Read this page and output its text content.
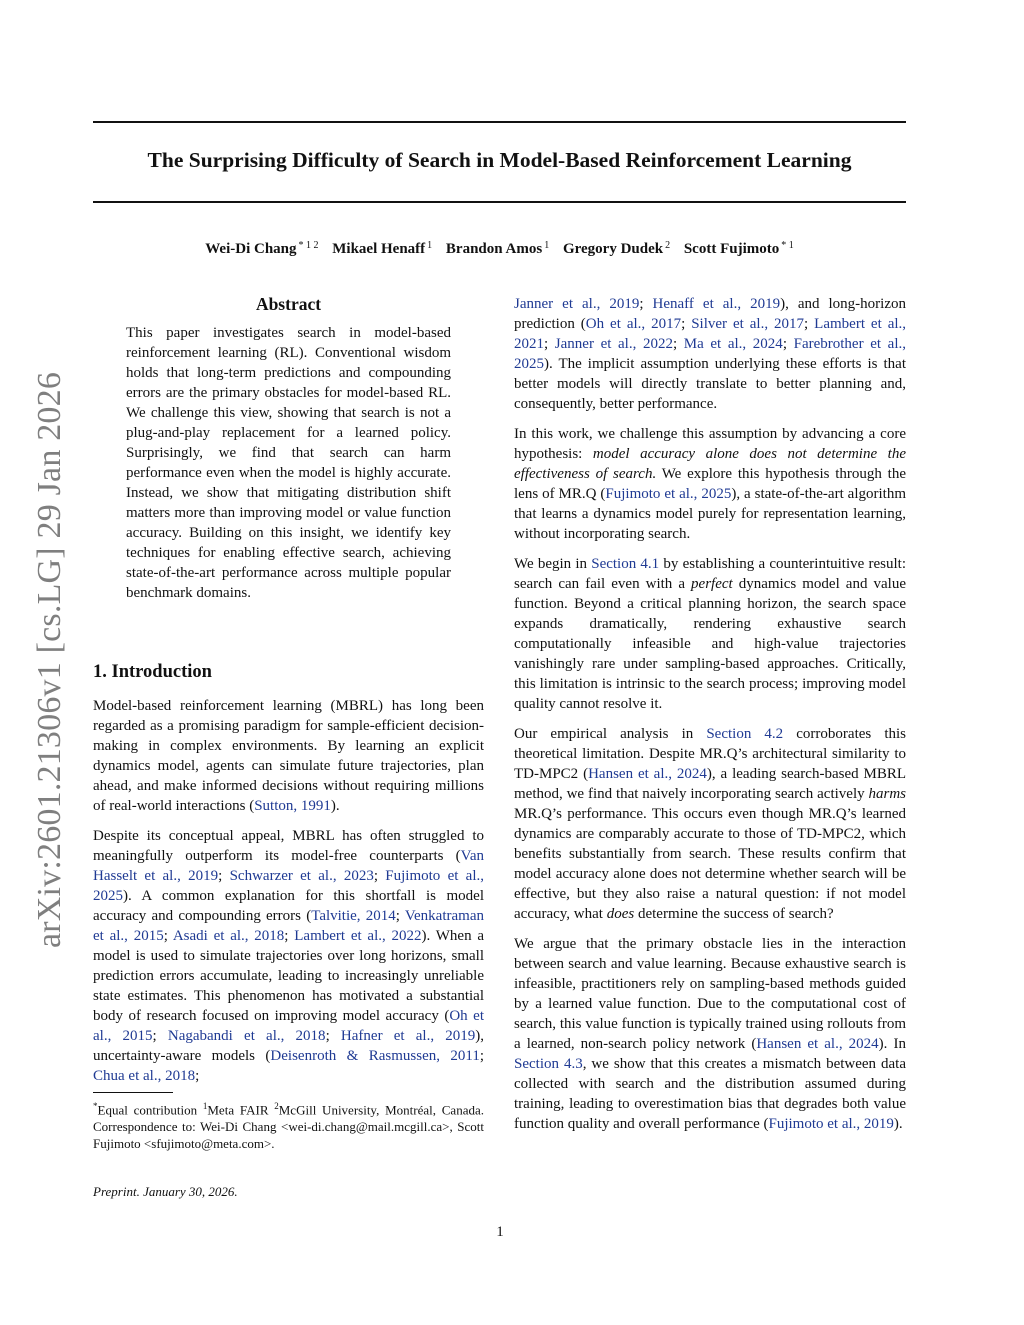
The Surprising Difficulty of Search in Model-Based Reinforcement Learning
Wei-Di Chang $^{* 1 2}$ Mikael Henaff $^1$ Brandon Amos $^1$ Gregory Dudek $^2$ Scott Fujimoto $^{* 1}$
arXiv:2601.21306v1 [cs.LG] 29 Jan 2026
Abstract

This paper investigates search in model-based reinforcement learning (RL). Conventional wisdom holds that long-term predictions and compounding errors are the primary obstacles for model-based RL. We challenge this view, showing that search is not a plug-and-play replacement for a learned policy. Surprisingly, we find that search can harm performance even when the model is highly accurate. Instead, we show that mitigating distribution shift matters more than improving model or value function accuracy. Building on this insight, we identify key techniques for enabling effective search, achieving state-of-the-art performance across multiple popular benchmark domains.

1. Introduction

Model-based reinforcement learning (MBRL) has long been regarded as a promising paradigm for sample-efficient decision-making in complex environments. By learning an explicit dynamics model, agents can simulate future trajectories, plan ahead, and make informed decisions without requiring millions of real-world interactions (Sutton, 1991).

Despite its conceptual appeal, MBRL has often struggled to meaningfully outperform its model-free counterparts (Van Hasselt et al., 2019; Schwarzer et al., 2023; Fujimoto et al., 2025). A common explanation for this shortfall is model accuracy and compounding errors (Talvitie, 2014; Venkatraman et al., 2015; Asadi et al., 2018; Lambert et al., 2022). When a model is used to simulate trajectories over long horizons, small prediction errors accumulate, leading to increasingly unreliable state estimates. This phenomenon has motivated a substantial body of research focused on improving model accuracy (Oh et al., 2015; Nagabandi et al., 2018; Hafner et al., 2019), uncertainty-aware models (Deisenroth & Rasmussen, 2011; Chua et al., 2018;

*Equal contribution $^1$Meta FAIR $^2$McGill University, Montréal, Canada. Correspondence to: Wei-Di Chang <wei-di.chang@mail.mcgill.ca>, Scott Fujimoto <sfujimoto@meta.com>.

Preprint. January 30, 2026.

Janner et al., 2019; Henaff et al., 2019), and long-horizon prediction (Oh et al., 2017; Silver et al., 2017; Lambert et al., 2021; Janner et al., 2022; Ma et al., 2024; Farebrother et al., 2025). The implicit assumption underlying these efforts is that better models will directly translate to better planning and, consequently, better performance.

In this work, we challenge this assumption by advancing a core hypothesis: model accuracy alone does not determine the effectiveness of search. We explore this hypothesis through the lens of MR.Q (Fujimoto et al., 2025), a state-of-the-art algorithm that learns a dynamics model purely for representation learning, without incorporating search.

We begin in Section 4.1 by establishing a counterintuitive result: search can fail even with a perfect dynamics model and value function. Beyond a critical planning horizon, the search space expands dramatically, rendering exhaustive search computationally infeasible and high-value trajectories vanishingly rare under sampling-based approaches. Critically, this limitation is intrinsic to the search process; improving model quality cannot resolve it.

Our empirical analysis in Section 4.2 corroborates this theoretical limitation. Despite MR.Q’s architectural similarity to TD-MPC2 (Hansen et al., 2024), a leading search-based MBRL method, we find that naively incorporating search actively harms MR.Q’s performance. This occurs even though MR.Q’s learned dynamics are comparably accurate to those of TD-MPC2, which benefits substantially from search. These results confirm that model accuracy alone does not determine whether search will be effective, but they also raise a natural question: if not model accuracy, what does determine the success of search?

We argue that the primary obstacle lies in the interaction between search and value learning. Because exhaustive search is infeasible, practitioners rely on sampling-based methods guided by a learned value function. Due to the computational cost of search, this value function is typically trained using rollouts from a learned, non-search policy network (Hansen et al., 2024). In Section 4.3, we show that this creates a mismatch between data collected with search and the distribution assumed during training, leading to overestimation bias that degrades both value function quality and overall performance (Fujimoto et al., 2019).

1
